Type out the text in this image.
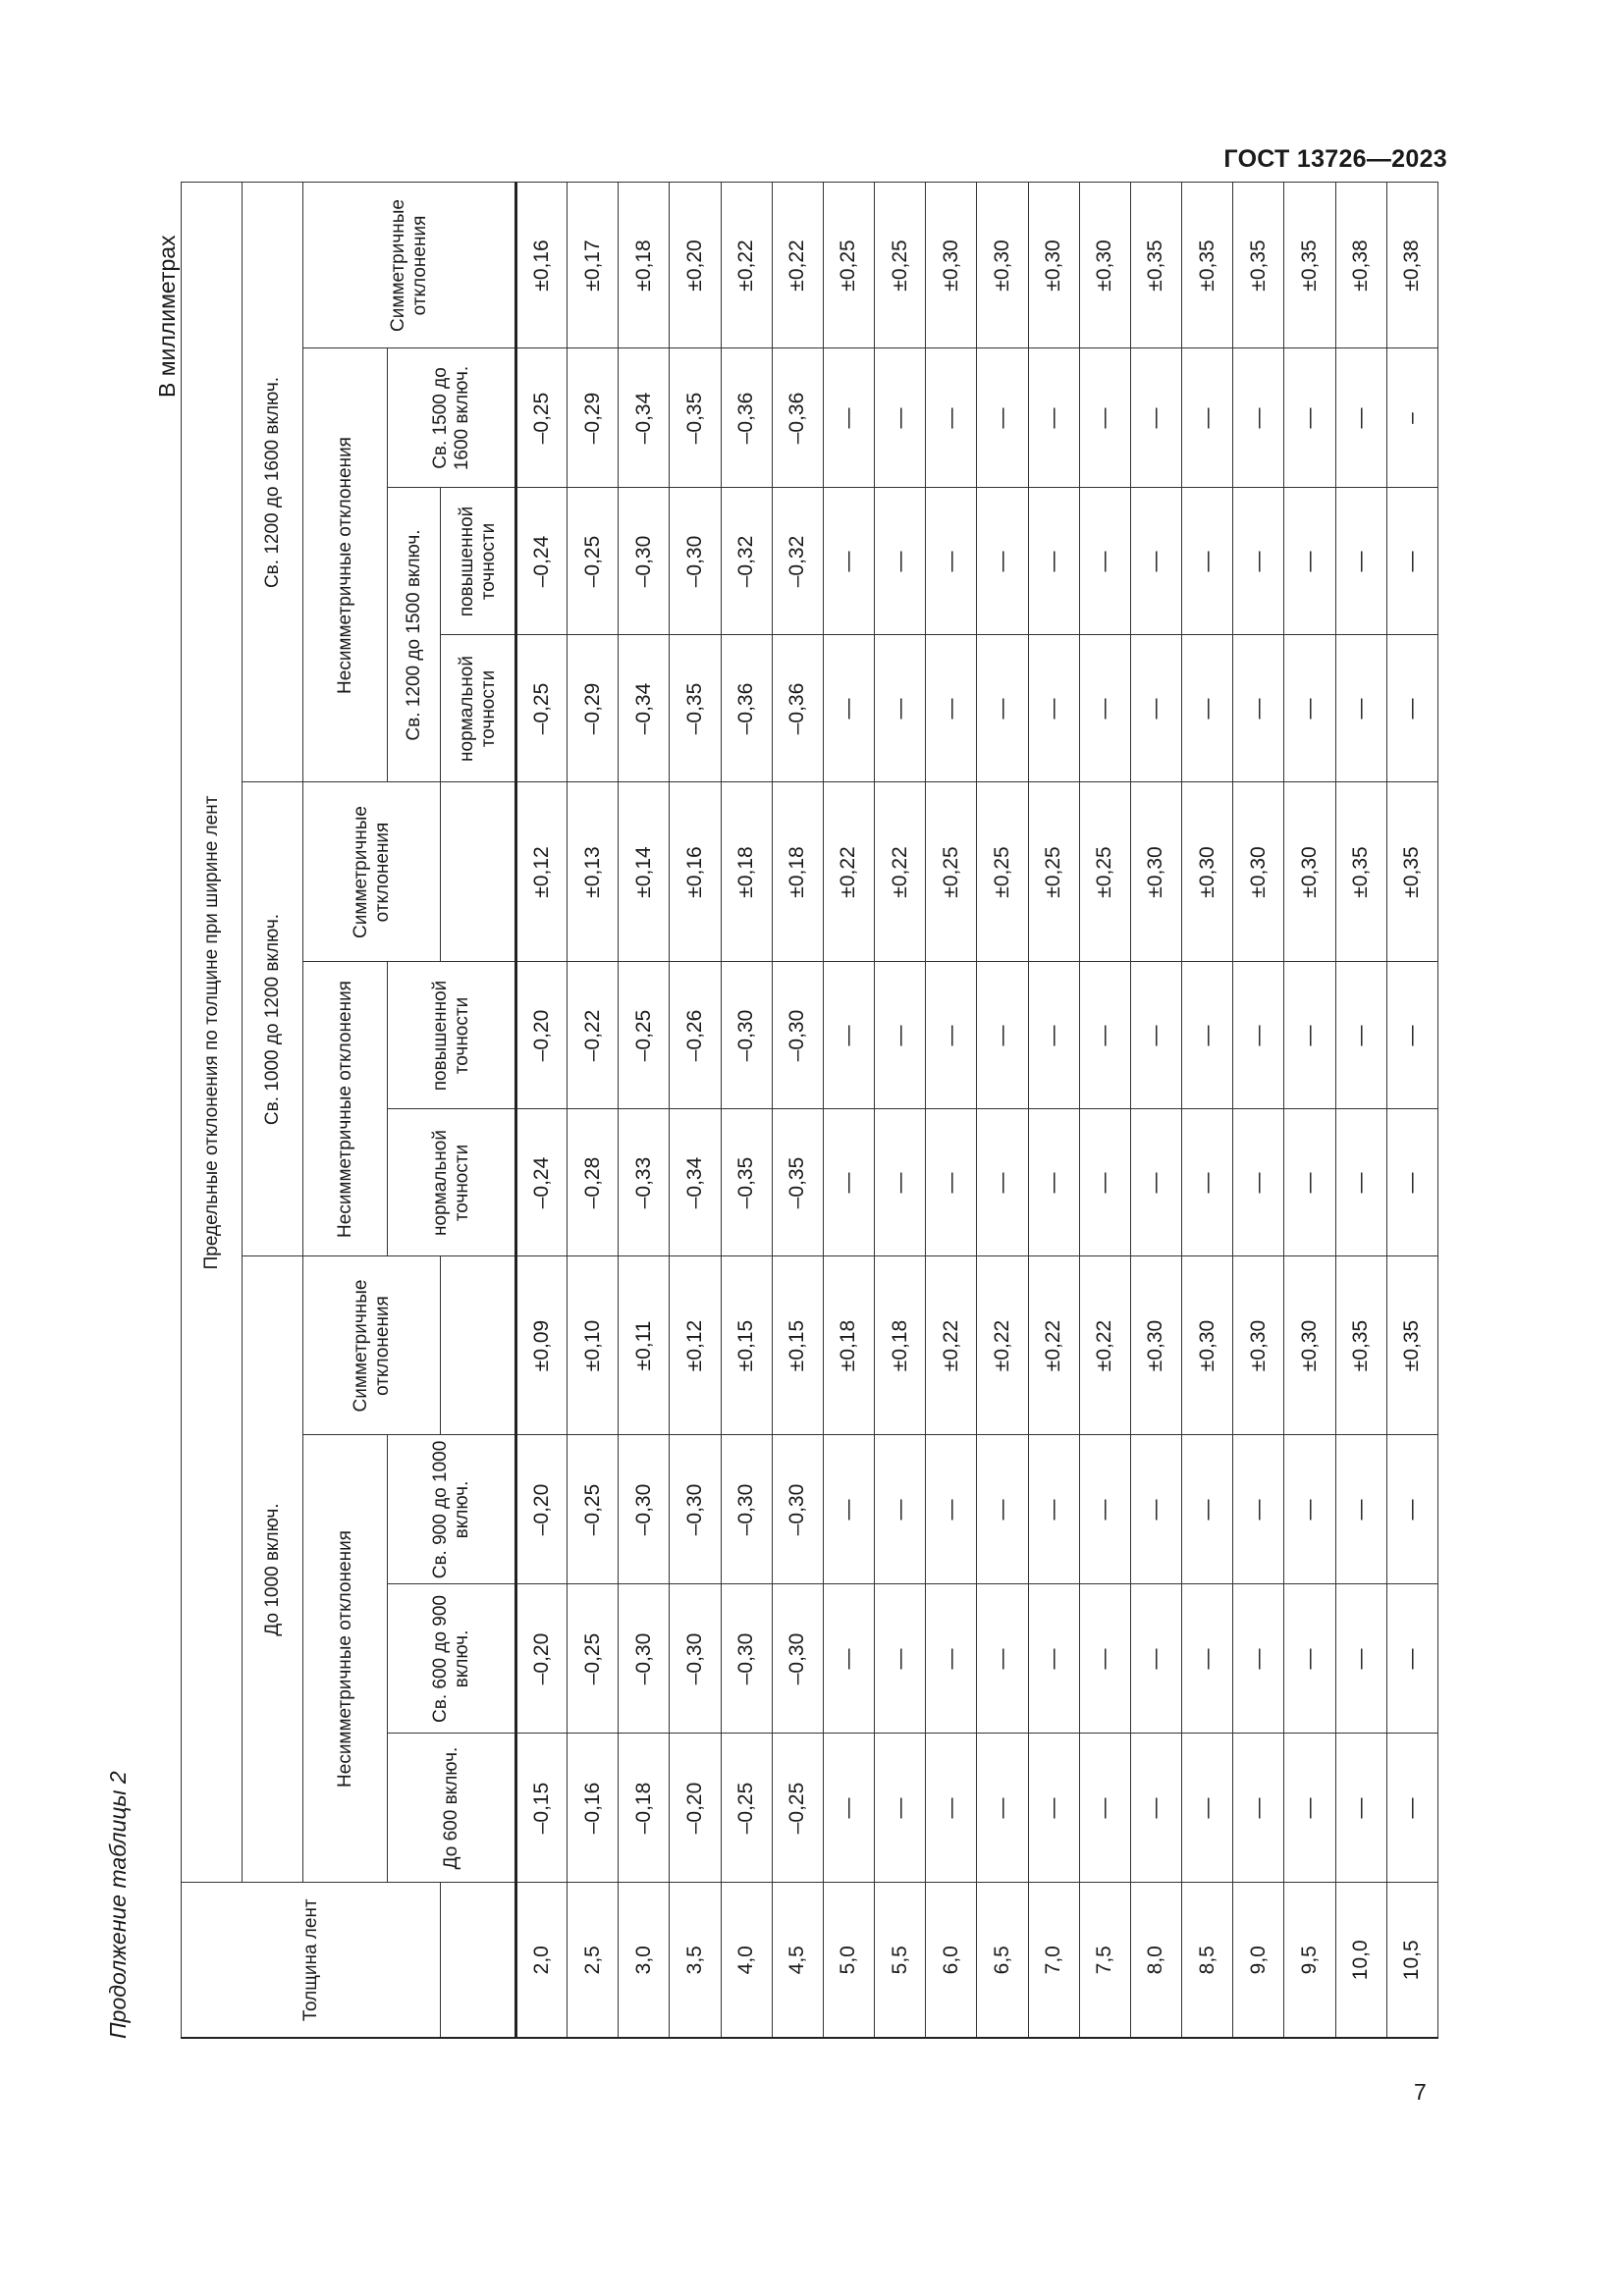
ГОСТ 13726—2023
Продолжение таблицы 2
В миллиметрах
Толщина лент	Предельные отклонения по толщине при ширине лент										
	До 1000 включ.				Св. 1000 до 1200 включ.			Св. 1200 до 1600 включ.			
	Несимметричные отклонения			Симметричные отклонения	Несимметричные отклонения		Симметричные отклонения	Несимметричные отклонения			Симметричные отклонения
	До 600 включ.	Св. 600 до 900 включ.	Св. 900 до 1000 включ.		нормальной точности	повышенной точности		Св. 1200 до 1500 включ.		Св. 1500 до 1600 включ.	
								нормальной точности	повышенной точности		
2,0	–0,15	–0,20	–0,20	±0,09	–0,24	–0,20	±0,12	–0,25	–0,24	–0,25	±0,16
2,5	–0,16	–0,25	–0,25	±0,10	–0,28	–0,22	±0,13	–0,29	–0,25	–0,29	±0,17
3,0	–0,18	–0,30	–0,30	±0,11	–0,33	–0,25	±0,14	–0,34	–0,30	–0,34	±0,18
3,5	–0,20	–0,30	–0,30	±0,12	–0,34	–0,26	±0,16	–0,35	–0,30	–0,35	±0,20
4,0	–0,25	–0,30	–0,30	±0,15	–0,35	–0,30	±0,18	–0,36	–0,32	–0,36	±0,22
4,5	–0,25	–0,30	–0,30	±0,15	–0,35	–0,30	±0,18	–0,36	–0,32	–0,36	±0,22
5,0	—	—	—	±0,18	—	—	±0,22	—	—	—	±0,25
5,5	—	—	—	±0,18	—	—	±0,22	—	—	—	±0,25
6,0	—	—	—	±0,22	—	—	±0,25	—	—	—	±0,30
6,5	—	—	—	±0,22	—	—	±0,25	—	—	—	±0,30
7,0	—	—	—	±0,22	—	—	±0,25	—	—	—	±0,30
7,5	—	—	—	±0,22	—	—	±0,25	—	—	—	±0,30
8,0	—	—	—	±0,30	—	—	±0,30	—	—	—	±0,35
8,5	—	—	—	±0,30	—	—	±0,30	—	—	—	±0,35
9,0	—	—	—	±0,30	—	—	±0,30	—	—	—	±0,35
9,5	—	—	—	±0,30	—	—	±0,30	—	—	—	±0,35
10,0	—	—	—	±0,35	—	—	±0,35	—	—	—	±0,38
10,5	—	—	—	±0,35	—	—	±0,35	—	—	–	±0,38
7
